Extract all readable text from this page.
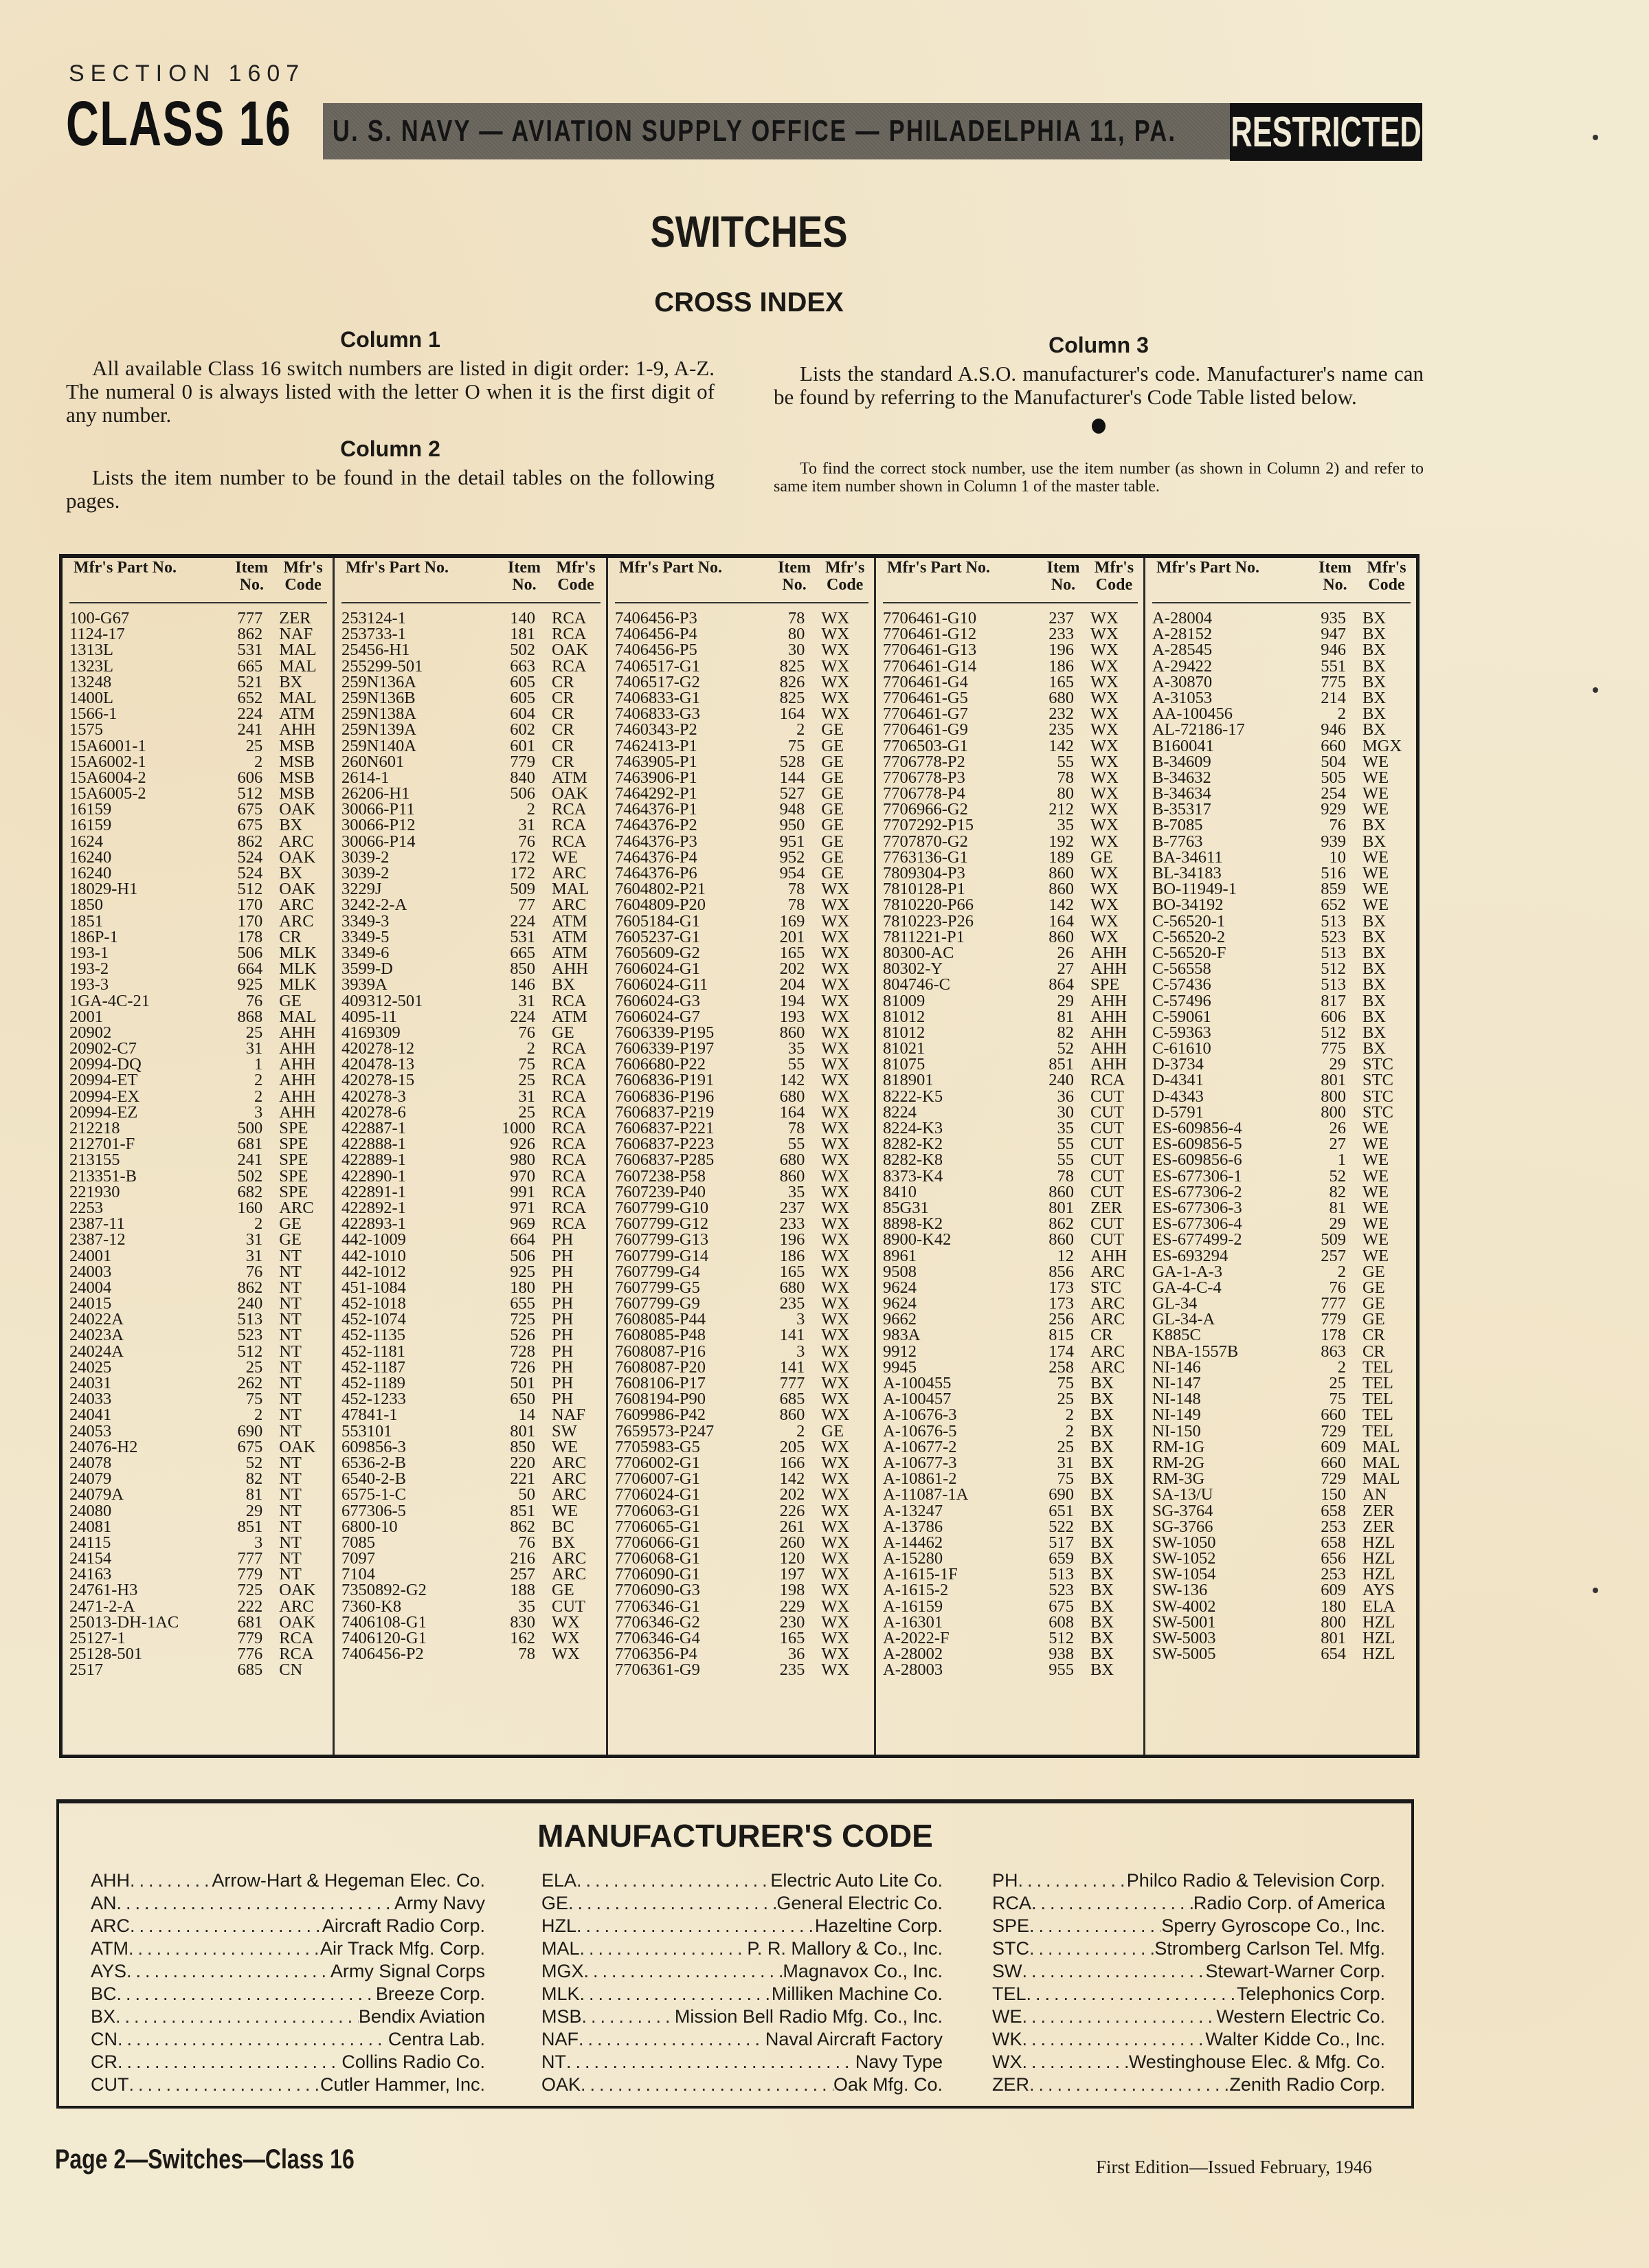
SECTION 1607
CLASS 16 U. S. NAVY — AVIATION SUPPLY OFFICE — PHILADELPHIA 11, PA. RESTRICTED
SWITCHES
CROSS INDEX
Column 1
All available Class 16 switch numbers are listed in digit order: 1-9, A-Z. The numeral 0 is always listed with the letter O when it is the first digit of any number.
Column 2
Lists the item number to be found in the detail tables on the following pages.
Column 3
Lists the standard A.S.O. manufacturer's code. Manufacturer's name can be found by referring to the Manufacturer's Code Table listed below.
To find the correct stock number, use the item number (as shown in Column 2) and refer to same item number shown in Column 1 of the master table.
Mfr's Part No.	Item No.
Mfr's Code
100-G67	777 ZER
1124-17	862 NAF
1313L	531 MAL
1323L	665 MAL
13248	521 BX
1400L	652 MAL
1566-1	224 ATM
1575	241 AHH
15A6001-1	25 MSB
15A6002-1	2 MSB
15A6004-2	606 MSB
15A6005-2	512 MSB
16159	675 OAK
16159	675 BX
1624	862 ARC
16240	524 OAK
16240	524 BX
18029-H1	512 OAK
1850	170 ARC
1851	170 ARC
186P-1	178 CR
193-1	506 MLK
193-2	664 MLK
193-3	925 MLK
1GA-4C-21	76 GE
2001	868 MAL
20902	25 AHH
20902-C7	31 AHH
20994-DQ	1 AHH
20994-ET	2 AHH
20994-EX	2 AHH
20994-EZ	3 AHH
212218	500 SPE
212701-F	681 SPE
213155	241 SPE
213351-B	502 SPE
221930	682 SPE
2253	160 ARC
2387-11	2 GE
2387-12	31 GE
24001	31 NT
24003	76 NT
24004	862 NT
24015	240 NT
24022A	513 NT
24023A	523 NT
24024A	512 NT
24025	25 NT
24031	262 NT
24033	75 NT
24041	2 NT
24053	690 NT
24076-H2	675 OAK
24078	52 NT
24079	82 NT
24079A	81 NT
24080	29 NT
24081	851 NT
24115	3 NT
24154	777 NT
24163	779 NT
24761-H3	725 OAK
2471-2-A	222 ARC
25013-DH-1AC	681 OAK
25127-1	779 RCA
25128-501	776 RCA
2517	685 CN
Mfr's Part No.	Item No.
Mfr's Code
253124-1	140 RCA
253733-1	181 RCA
25456-H1	502 OAK
255299-501	663 RCA
259N136A	605 CR
259N136B	605 CR
259N138A	604 CR
259N139A	602 CR
259N140A	601 CR
260N601	779 CR
2614-1	840 ATM
26206-H1	506 OAK
30066-P11	2 RCA
30066-P12	31 RCA
30066-P14	76 RCA
3039-2	172 WE
3039-2	172 ARC
3229J	509 MAL
3242-2-A	77 ARC
3349-3	224 ATM
3349-5	531 ATM
3349-6	665 ATM
3599-D	850 AHH
3939A	146 BX
409312-501	31 RCA
4095-11	224 ATM
4169309	76 GE
420278-12	2 RCA
420478-13	75 RCA
420278-15	25 RCA
420278-3	31 RCA
420278-6	25 RCA
422887-1	1000 RCA
422888-1	926 RCA
422889-1	980 RCA
422890-1	970 RCA
422891-1	991 RCA
422892-1	971 RCA
422893-1	969 RCA
442-1009	664 PH
442-1010	506 PH
442-1012	925 PH
451-1084	180 PH
452-1018	655 PH
452-1074	725 PH
452-1135	526 PH
452-1181	728 PH
452-1187	726 PH
452-1189	501 PH
452-1233	650 PH
47841-1	14 NAF
553101	801 SW
609856-3	850 WE
6536-2-B	220 ARC
6540-2-B	221 ARC
6575-1-C	50 ARC
677306-5	851 WE
6800-10	862 BC
7085	76 BX
7097	216 ARC
7104	257 ARC
7350892-G2	188 GE
7360-K8	35 CUT
7406108-G1	830 WX
7406120-G1	162 WX
7406456-P2	78 WX
Mfr's Part No.	Item No.
Mfr's Code
7406456-P3	78 WX
7406456-P4	80 WX
7406456-P5	30 WX
7406517-G1	825 WX
7406517-G2	826 WX
7406833-G1	825 WX
7406833-G3	164 WX
7460343-P2	2 GE
7462413-P1	75 GE
7463905-P1	528 GE
7463906-P1	144 GE
7464292-P1	527 GE
7464376-P1	948 GE
7464376-P2	950 GE
7464376-P3	951 GE
7464376-P4	952 GE
7464376-P6	954 GE
7604802-P21	78 WX
7604809-P20	78 WX
7605184-G1	169 WX
7605237-G1	201 WX
7605609-G2	165 WX
7606024-G1	202 WX
7606024-G11	204 WX
7606024-G3	194 WX
7606024-G7	193 WX
7606339-P195	860 WX
7606339-P197	35 WX
7606680-P22	55 WX
7606836-P191	142 WX
7606836-P196	680 WX
7606837-P219	164 WX
7606837-P221	78 WX
7606837-P223	55 WX
7606837-P285	680 WX
7607238-P58	860 WX
7607239-P40	35 WX
7607799-G10	237 WX
7607799-G12	233 WX
7607799-G13	196 WX
7607799-G14	186 WX
7607799-G4	165 WX
7607799-G5	680 WX
7607799-G9	235 WX
7608085-P44	3 WX
7608085-P48	141 WX
7608087-P16	3 WX
7608087-P20	141 WX
7608106-P17	777 WX
7608194-P90	685 WX
7609986-P42	860 WX
7659573-P247	2 GE
7705983-G5	205 WX
7706002-G1	166 WX
7706007-G1	142 WX
7706024-G1	202 WX
7706063-G1	226 WX
7706065-G1	261 WX
7706066-G1	260 WX
7706068-G1	120 WX
7706090-G1	197 WX
7706090-G3	198 WX
7706346-G1	229 WX
7706346-G2	230 WX
7706346-G4	165 WX
7706356-P4	36 WX
7706361-G9	235 WX
Mfr's Part No.	Item No.
Mfr's Code
7706461-G10	237 WX
7706461-G12	233 WX
7706461-G13	196 WX
7706461-G14	186 WX
7706461-G4	165 WX
7706461-G5	680 WX
7706461-G7	232 WX
7706461-G9	235 WX
7706503-G1	142 WX
7706778-P2	55 WX
7706778-P3	78 WX
7706778-P4	80 WX
7706966-G2	212 WX
7707292-P15	35 WX
7707870-G2	192 WX
7763136-G1	189 GE
7809304-P3	860 WX
7810128-P1	860 WX
7810220-P66	142 WX
7810223-P26	164 WX
7811221-P1	860 WX
80300-AC	26 AHH
80302-Y	27 AHH
804746-C	864 SPE
81009	29 AHH
81012	81 AHH
81012	82 AHH
81021	52 AHH
81075	851 AHH
818901	240 RCA
8222-K5	36 CUT
8224	30 CUT
8224-K3	35 CUT
8282-K2	55 CUT
8282-K8	55 CUT
8373-K4	78 CUT
8410	860 CUT
85G31	801 ZER
8898-K2	862 CUT
8900-K42	860 CUT
8961	12 AHH
9508	856 ARC
9624	173 STC
9624	173 ARC
9662	256 ARC
983A	815 CR
9912	174 ARC
9945	258 ARC
A-100455	75 BX
A-100457	25 BX
A-10676-3	2 BX
A-10676-5	2 BX
A-10677-2	25 BX
A-10677-3	31 BX
A-10861-2	75 BX
A-11087-1A	690 BX
A-13247	651 BX
A-13786	522 BX
A-14462	517 BX
A-15280	659 BX
A-1615-1F	513 BX
A-1615-2	523 BX
A-16159	675 BX
A-16301	608 BX
A-2022-F	512 BX
A-28002	938 BX
A-28003	955 BX
Mfr's Part No.	Item No.
Mfr's Code
A-28004	935 BX
A-28152	947 BX
A-28545	946 BX
A-29422	551 BX
A-30870	775 BX
A-31053	214 BX
AA-100456	2 BX
AL-72186-17	946 BX
B160041	660 MGX
B-34609	504 WE
B-34632	505 WE
B-34634	254 WE
B-35317	929 WE
B-7085	76 BX
B-7763	939 BX
BA-34611	10 WE
BL-34183	516 WE
BO-11949-1	859 WE
BO-34192	652 WE
C-56520-1	513 BX
C-56520-2	523 BX
C-56520-F	513 BX
C-56558	512 BX
C-57436	513 BX
C-57496	817 BX
C-59061	606 BX
C-59363	512 BX
C-61610	775 BX
D-3734	29 STC
D-4341	801 STC
D-4343	800 STC
D-5791	800 STC
ES-609856-4	26 WE
ES-609856-5	27 WE
ES-609856-6	1 WE
ES-677306-1	52 WE
ES-677306-2	82 WE
ES-677306-3	81 WE
ES-677306-4	29 WE
ES-677499-2	509 WE
ES-693294	257 WE
GA-1-A-3	2 GE
GA-4-C-4	76 GE
GL-34	777 GE
GL-34-A	779 GE
K885C	178 CR
NBA-1557B	863 CR
NI-146	2 TEL
NI-147	25 TEL
NI-148	75 TEL
NI-149	660 TEL
NI-150	729 TEL
RM-1G	609 MAL
RM-2G	660 MAL
RM-3G	729 MAL
SA-13/U	150 AN
SG-3764	658 ZER
SG-3766	253 ZER
SW-1050	658 HZL
SW-1052	656 HZL
SW-1054	253 HZL
SW-136	609 AYS
SW-4002	180 ELA
SW-5001	800 HZL
SW-5003	801 HZL
SW-5005	654 HZL
MANUFACTURER'S CODE
AHH .....	Arrow-Hart & Hegeman Elec. Co.
AN .....	Army Navy
ARC .....	Aircraft Radio Corp.
ATM .....	Air Track Mfg. Corp.
AYS .....	Army Signal Corps
BC .....	Breeze Corp.
BX .....	Bendix Aviation
CN .....	Centra Lab.
CR .....	Collins Radio Co.
CUT .....	Cutler Hammer, Inc.
ELA .....	Electric Auto Lite Co.
GE .....	General Electric Co.
HZL .....	Hazeltine Corp.
MAL .....	P. R. Mallory & Co., Inc.
MGX .....	Magnavox Co., Inc.
MLK .....	Milliken Machine Co.
MSB .....	Mission Bell Radio Mfg. Co., Inc.
NAF .....	Naval Aircraft Factory
NT .....	Navy Type
OAK .....	Oak Mfg. Co.
PH .....	Philco Radio & Television Corp.
RCA .....	Radio Corp. of America
SPE .....	Sperry Gyroscope Co., Inc.
STC .....	Stromberg Carlson Tel. Mfg.
SW .....	Stewart-Warner Corp.
TEL .....	Telephonics Corp.
WE .....	Western Electric Co.
WK .....	Walter Kidde Co., Inc.
WX .....	Westinghouse Elec. & Mfg. Co.
ZER .....	Zenith Radio Corp.
Page 2—Switches—Class 16	First Edition—Issued February, 1946
